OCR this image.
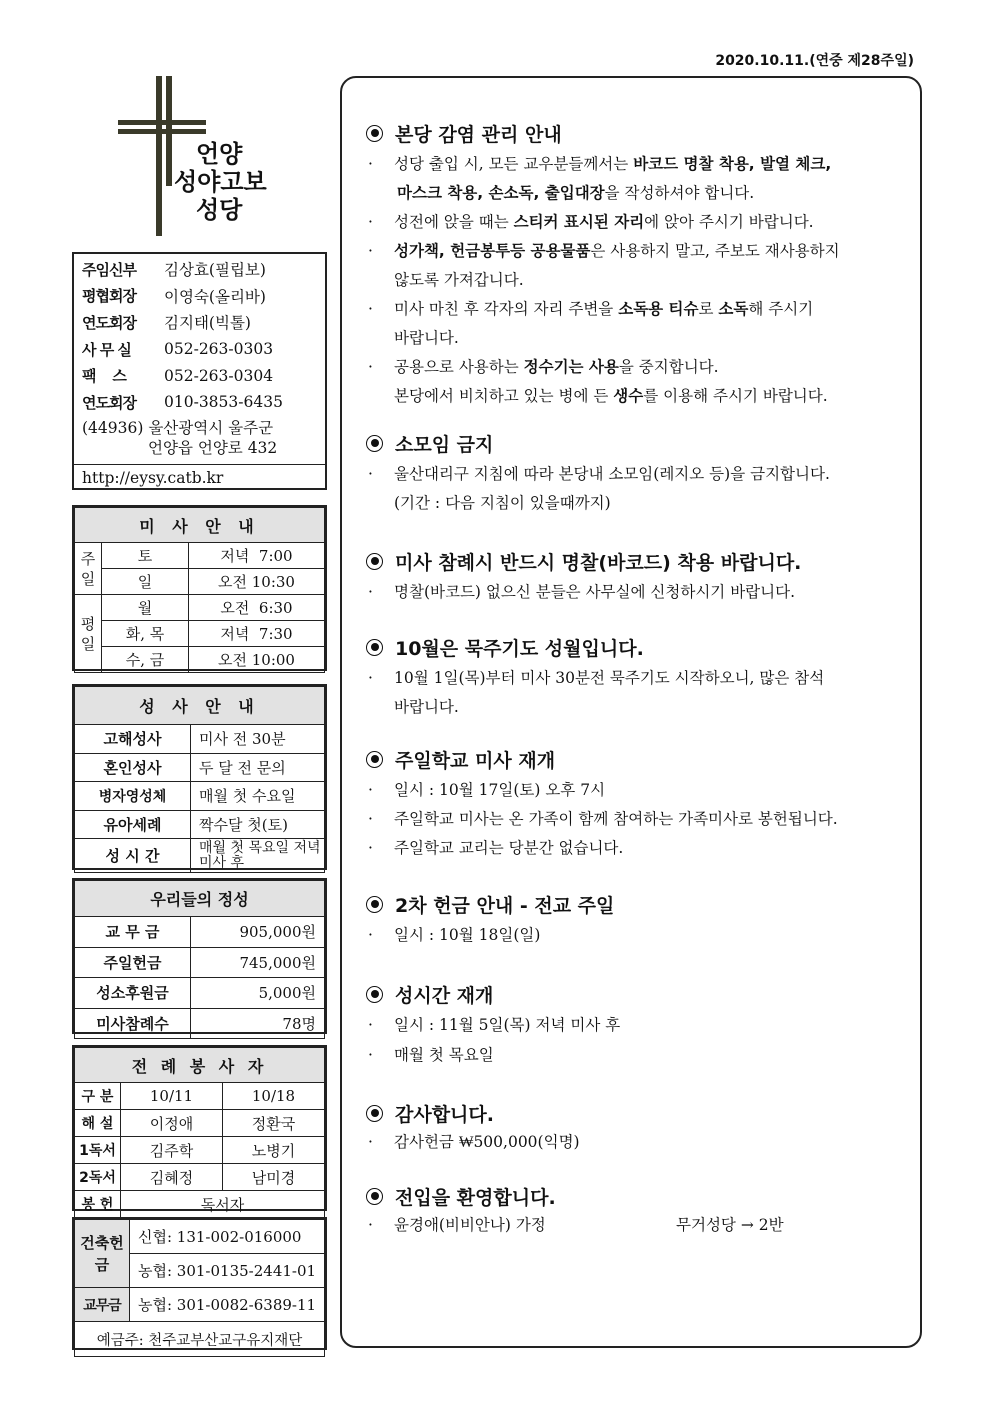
2020.10.11.(연중 제28주일)
언양
성야고보
성당
주임신부	김상효(필립보)
평협회장	이영숙(올리바)
연도회장	김지태(빅톨)
사 무 실	052-263-0303
팩    스	052-263-0304
연도회장	010-3853-6435
(44936) 울산광역시 울주군
언양읍 언양로 432
http://eysy.catb.kr
미 사 안 내		
주일	토	저녁  7:00
	일	오전 10:30
평일	월	오전  6:30
	화, 목	저녁  7:30
	수, 금	오전 10:00
성 사 안 내	
고해성사	미사 전 30분
혼인성사	두 달 전 문의
병자영성체	매월 첫 수요일
유아세례	짝수달 첫(토)
성 시 간	매월 첫 목요일 저녁미사 후
우리들의 정성	
교 무 금	905,000원
주일헌금	745,000원
성소후원금	5,000원
미사참례수	78명
전 례 봉 사 자		
구 분	10/11	10/18
해 설	이정애	정환국
1독서	김주학	노병기
2독서	김혜정	남미경
봉 헌	독서자	
건축헌금	신협: 131-002-016000
	농협: 301-0135-2441-01
교무금	농협: 301-0082-6389-11
예금주: 천주교부산교구유지재단	
본당 감염 관리 안내
·	성당 출입 시, 모든 교우분들께서는 바코드 명찰 착용, 발열 체크,
마스크 착용, 손소독, 출입대장을 작성하셔야 합니다.
·	성전에 앉을 때는 스티커 표시된 자리에 앉아 주시기 바랍니다.
·	성가책, 헌금봉투등 공용물품은 사용하지 말고, 주보도 재사용하지
않도록 가져갑니다.
·	미사 마친 후 각자의 자리 주변을 소독용 티슈로 소독해 주시기
바랍니다.
·	공용으로 사용하는 정수기는 사용을 중지합니다.
본당에서 비치하고 있는 병에 든 생수를 이용해 주시기 바랍니다.
소모임 금지
·	울산대리구 지침에 따라 본당내 소모임(레지오 등)을 금지합니다.
(기간 : 다음 지침이 있을때까지)
미사 참례시 반드시 명찰(바코드) 착용 바랍니다.
·	명찰(바코드) 없으신 분들은 사무실에 신청하시기 바랍니다.
10월은 묵주기도 성월입니다.
·	10월 1일(목)부터 미사 30분전 묵주기도 시작하오니, 많은 참석
바랍니다.
주일학교 미사 재개
·	일시 : 10월 17일(토) 오후 7시
·	주일학교 미사는 온 가족이 함께 참여하는 가족미사로 봉헌됩니다.
·	주일학교 교리는 당분간 없습니다.
2차 헌금 안내 - 전교 주일
·	일시 : 10월 18일(일)
성시간 재개
·	일시 : 11월 5일(목) 저녁 미사 후
·	매월 첫 목요일
감사합니다.
·	감사헌금 ₩500,000(익명)
전입을 환영합니다.
·	윤경애(비비안나) 가정	무거성당 → 2반
